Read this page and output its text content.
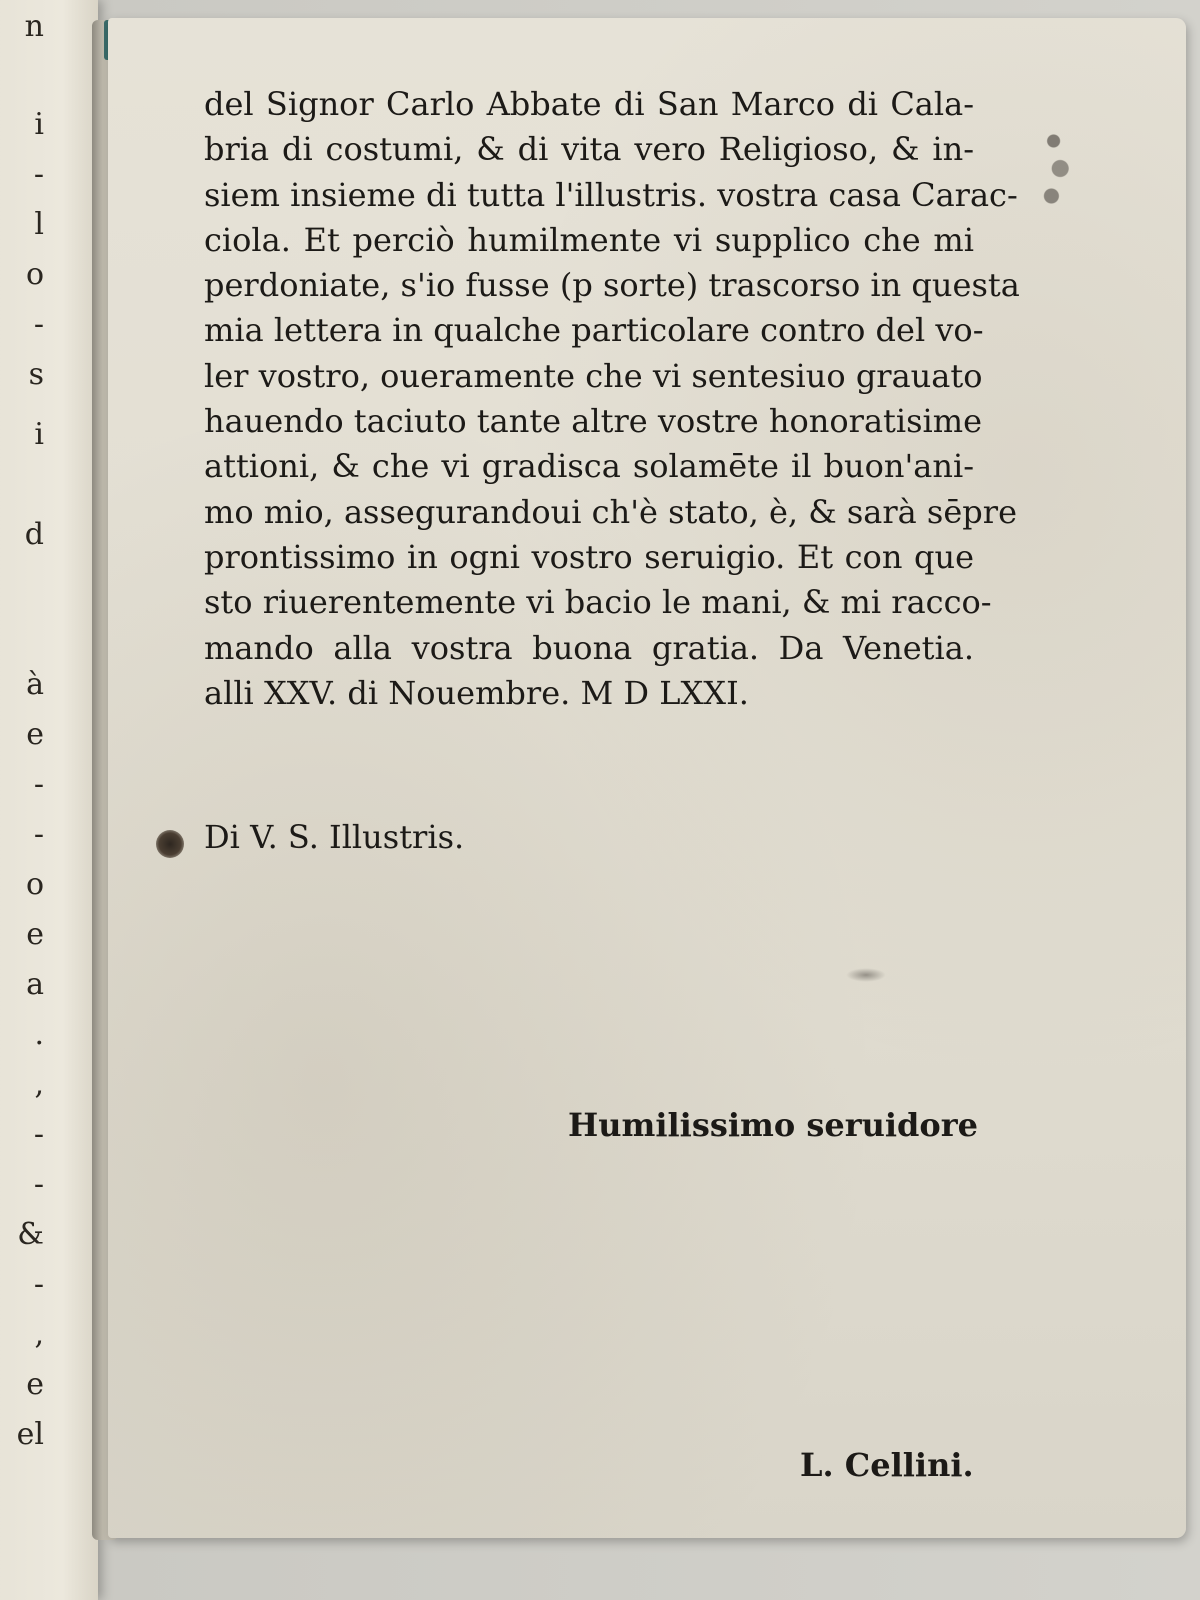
n
i
-
l
o
-
s
i
d
à
e
-
-
o
e
a
.
,
-
-
&
-
,
e
el
del Signor Carlo Abbate di San Marco di Cala-
bria di costumi, & di vita vero Religioso, & in-
siem insieme di tutta l'illustris. vostra casa Carac-
ciola. Et perciò humilmente vi supplico che mi
perdoniate, s'io fusse (p sorte) trascorso in questa
mia lettera in qualche particolare contro del vo-
ler vostro, oueramente che vi sentesiuo grauato
hauendo taciuto tante altre vostre honoratisime
attioni, & che vi gradisca solamēte il buon'ani-
mo mio, assegurandoui ch'è stato, è, & sarà sēpre
prontissimo in ogni vostro seruigio. Et con que
sto riuerentemente vi bacio le mani, & mi racco-
mando alla vostra buona gratia. Da Venetia.
alli XXV. di Nouembre. M D LXXI.
Di V. S. Illustris.
Humilissimo seruidore
L. Cellini.
